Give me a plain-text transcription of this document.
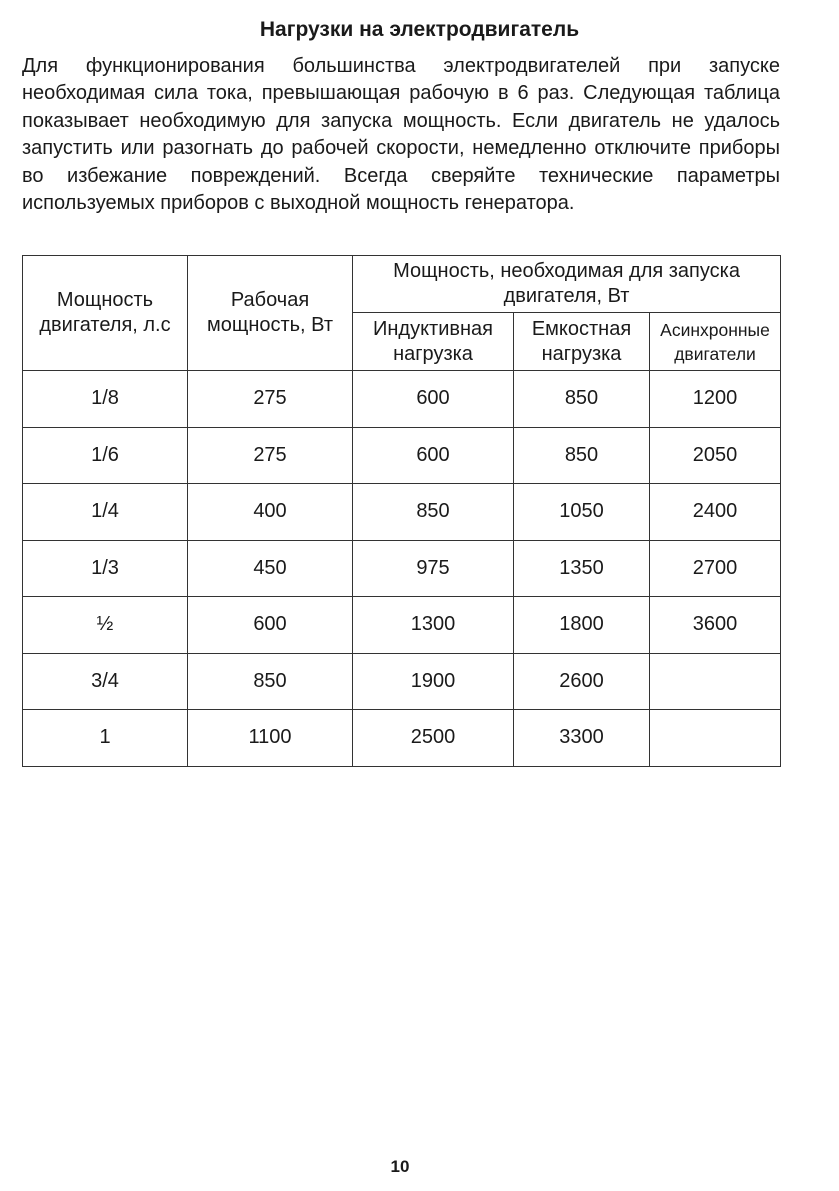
Нагрузки на электродвигатель

Для функционирования большинства электродвигателей при запуске необходимая сила тока, превышающая рабочую в 6 раз. Следующая таблица показывает необходимую для запуска мощность. Если двигатель не удалось запустить или разогнать до рабочей скорости, немедленно отключите приборы во избежание повреждений. Всегда сверяйте технические параметры используемых приборов с выходной мощность генератора.

Мощность двигателя, л.с	Рабочая мощность, Вт	Мощность, необходимая для запуска двигателя, Вт		
		Индуктивная нагрузка	Емкостная нагрузка	Асинхронные двигатели
1/8	275	600	850	1200
1/6	275	600	850	2050
1/4	400	850	1050	2400
1/3	450	975	1350	2700
½	600	1300	1800	3600
3/4	850	1900	2600	
1	1100	2500	3300	
10
